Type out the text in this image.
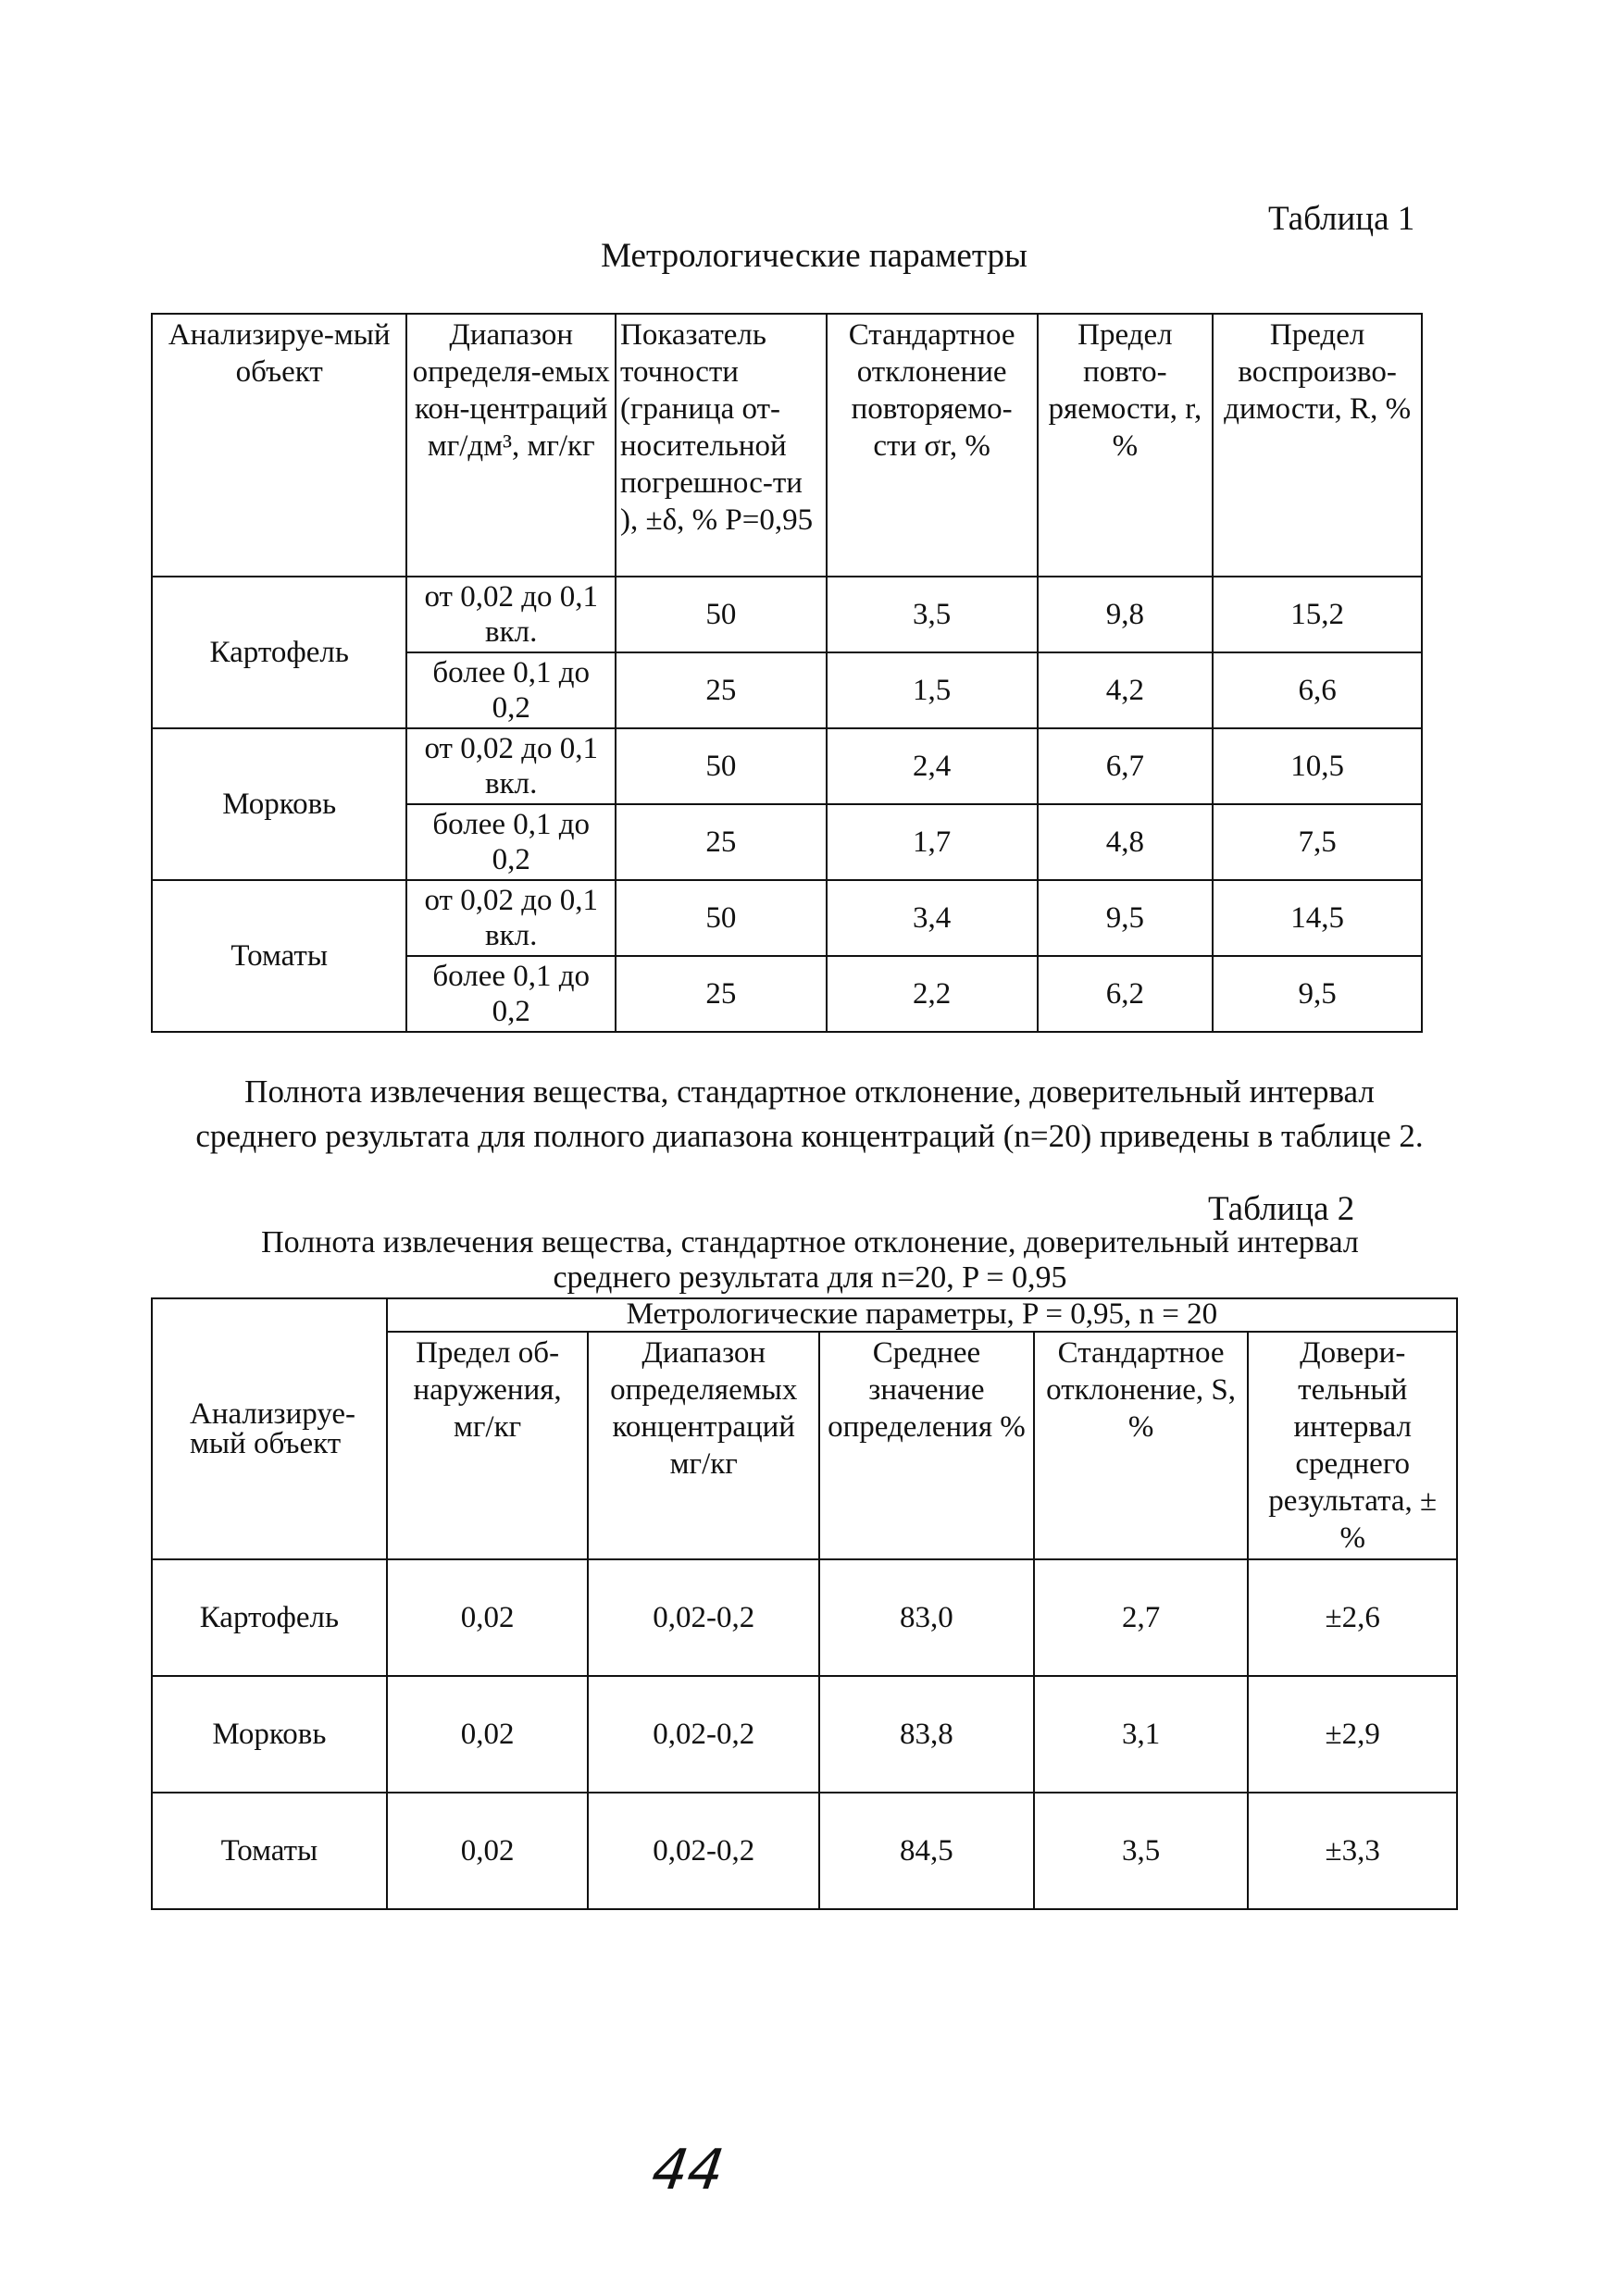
Таблица 1
Метрологические параметры
Анализируе-мый объект	Диапазон определя-емых кон-центраций мг/дм³, мг/кг	Показатель точности (граница от-носительной погрешнос-ти ), ±δ, % P=0,95	Стандартное отклонение повторяемо-сти σr, %	Предел повто-ряемости, r, %	Предел воспроизво-димости, R, %
Картофель	от 0,02 до 0,1 вкл.	50	3,5	9,8	15,2
	более 0,1 до 0,2	25	1,5	4,2	6,6
Морковь	от 0,02 до 0,1 вкл.	50	2,4	6,7	10,5
	более 0,1 до 0,2	25	1,7	4,8	7,5
Томаты	от 0,02 до 0,1 вкл.	50	3,4	9,5	14,5
	более 0,1 до 0,2	25	2,2	6,2	9,5
Полнота извлечения вещества, стандартное отклонение, доверительный интервал
среднего результата для полного диапазона концентраций (n=20) приведены в таблице 2.
Таблица 2
Полнота извлечения вещества, стандартное отклонение, доверительный интервал
среднего результата для n=20, P = 0,95
Анализируе-мый объект	Метрологические параметры, P = 0,95, n = 20				
	Предел об-наружения, мг/кг	Диапазон определяемых концентраций мг/кг	Среднее значение определения %	Стандартное отклонение, S, %	Довери-тельный интервал среднего результата, ± %
Картофель	0,02	0,02-0,2	83,0	2,7	±2,6
Морковь	0,02	0,02-0,2	83,8	3,1	±2,9
Томаты	0,02	0,02-0,2	84,5	3,5	±3,3
44
